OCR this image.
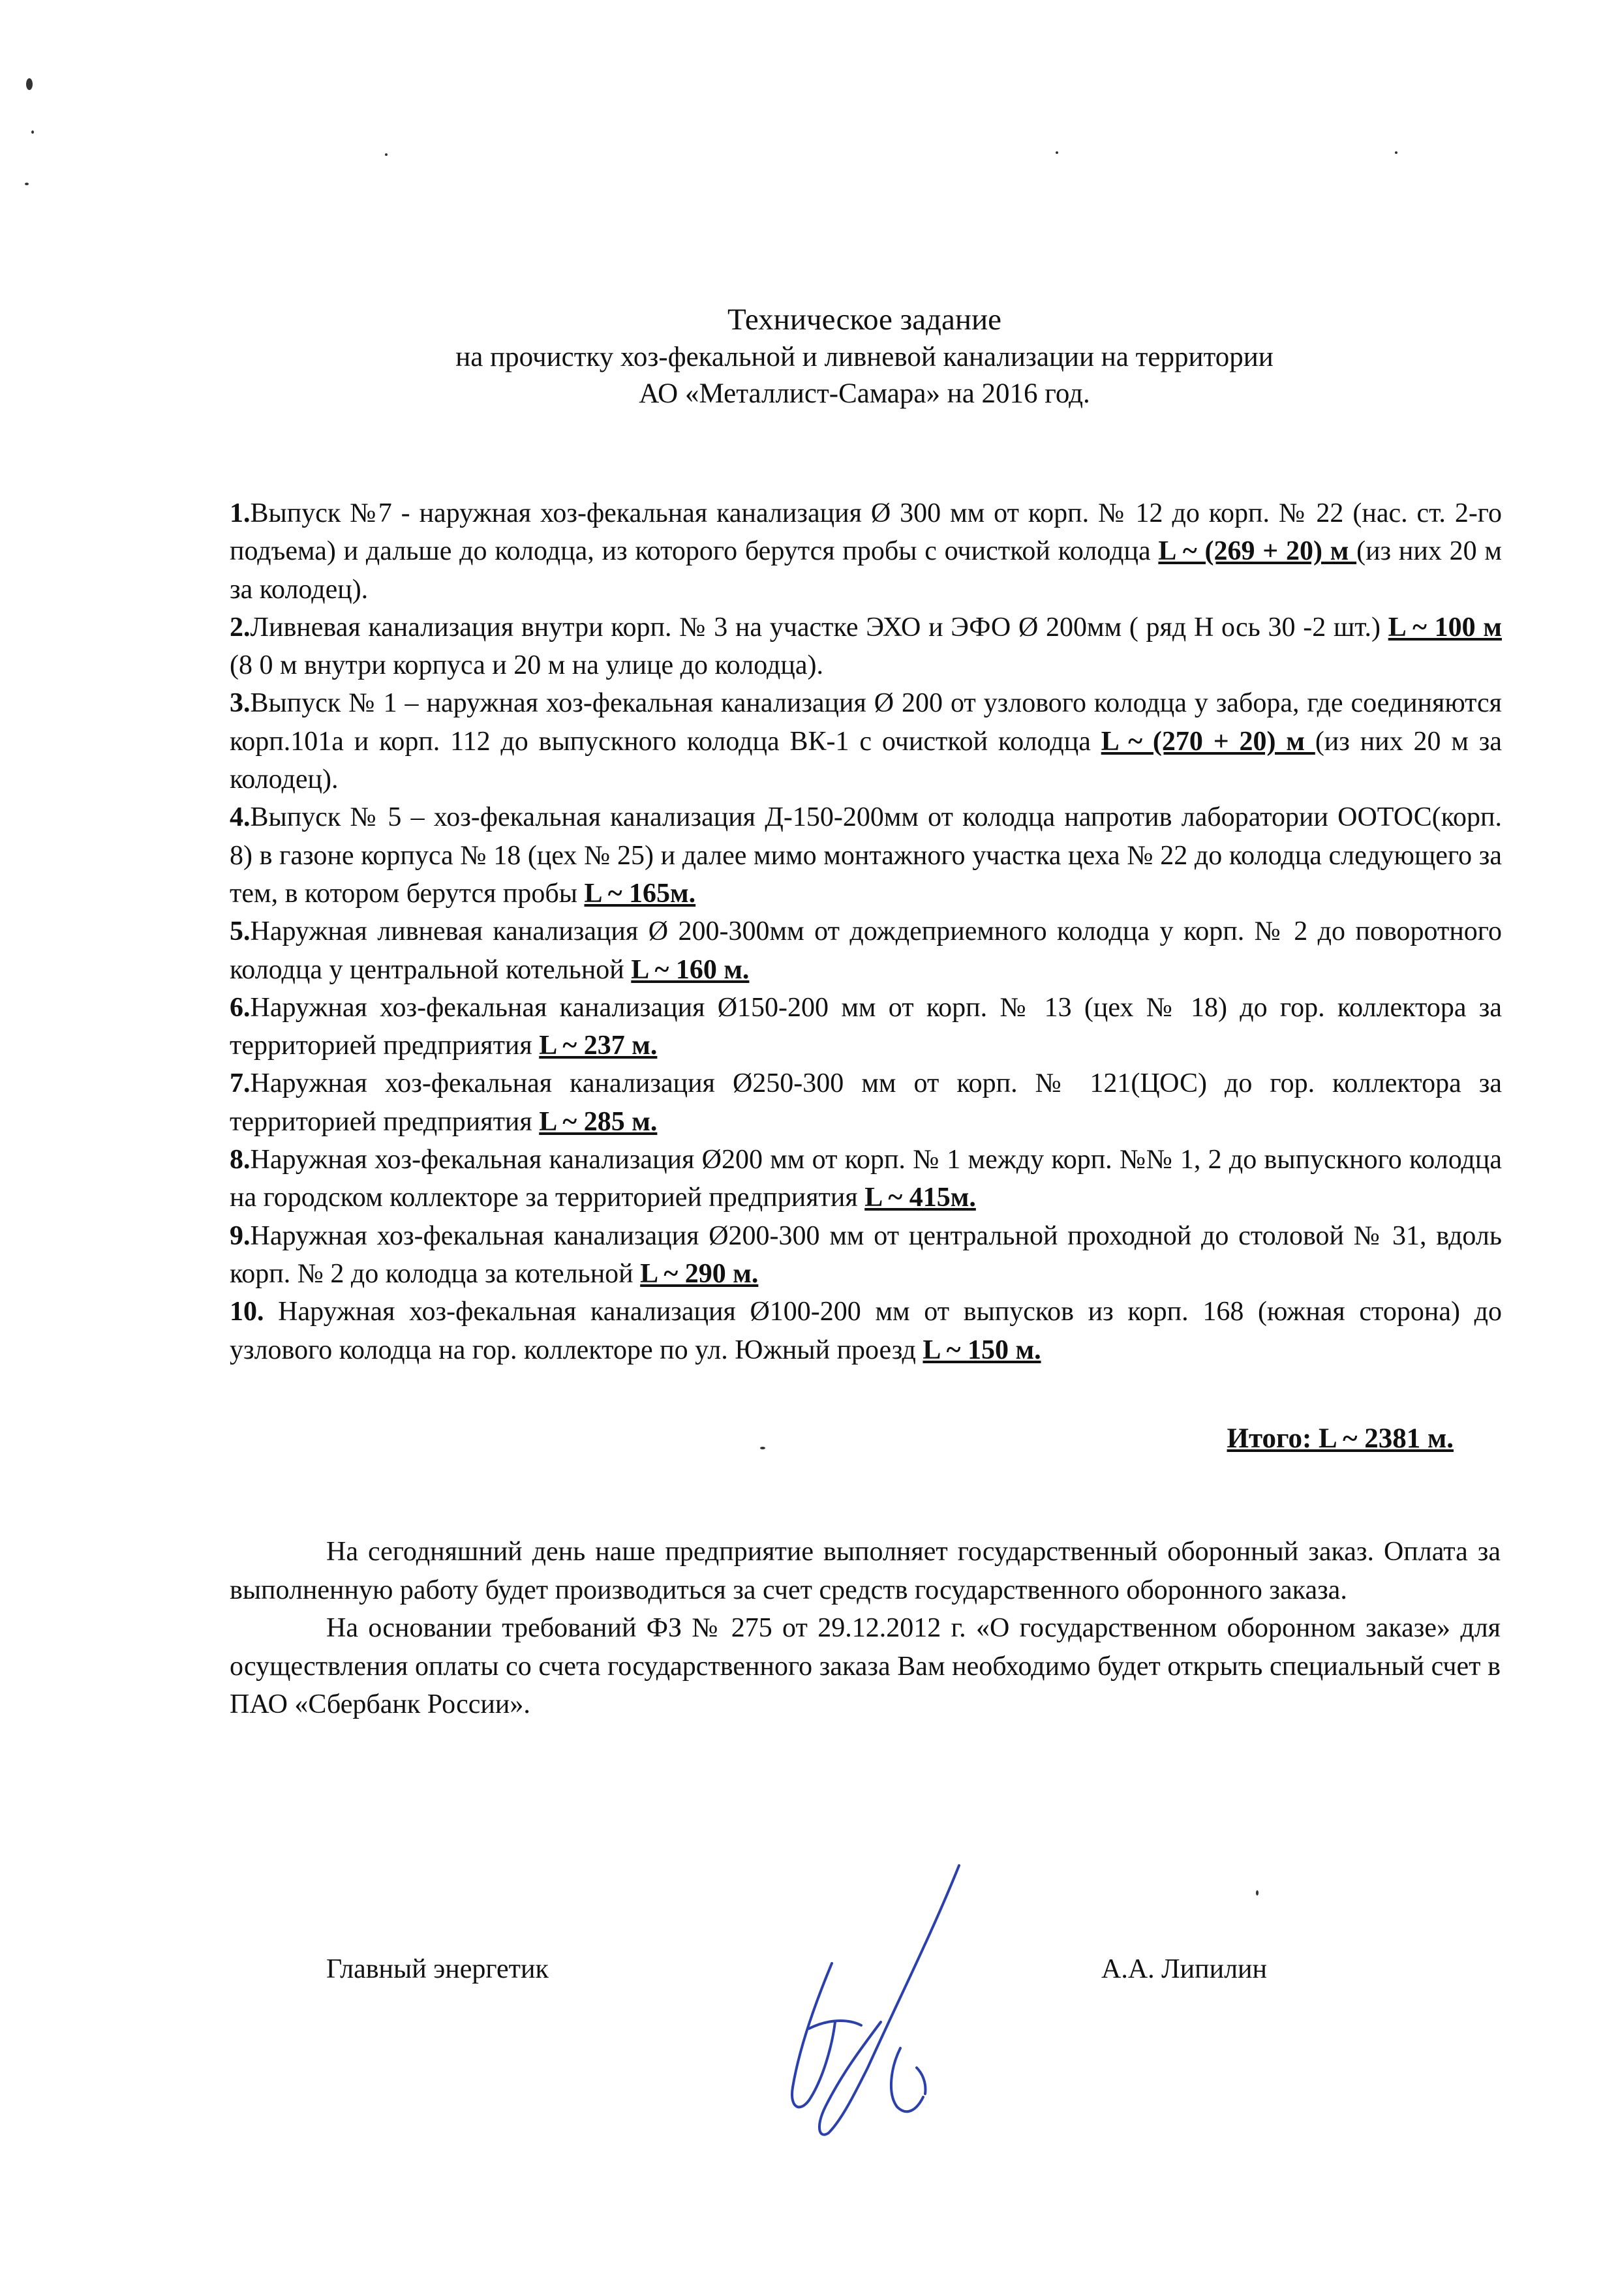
Техническое задание
на прочистку хоз-фекальной и ливневой канализации на территории
АО «Металлист-Самара» на 2016 год.

1.Выпуск №7 - наружная хоз-фекальная канализация Ø 300 мм от корп. № 12 до корп. № 22 (нас. ст. 2-го подъема) и дальше до колодца, из которого берутся пробы с очисткой колодца L ~ (269 + 20) м (из них 20 м за колодец).

2.Ливневая канализация внутри корп. № 3 на участке ЭХО и ЭФО Ø 200мм ( ряд Н ось 30 -2 шт.) L ~ 100 м (8 0 м внутри корпуса и 20 м на улице до колодца).

3.Выпуск № 1 – наружная хоз-фекальная канализация Ø 200 от узлового колодца у забора, где соединяются корп.101а и корп. 112 до выпускного колодца ВК-1 с очисткой колодца L ~ (270 + 20) м (из них 20 м за колодец).

4.Выпуск № 5 – хоз-фекальная канализация Д-150-200мм от колодца напротив лаборатории ООТОС(корп. 8) в газоне корпуса № 18 (цех № 25) и далее мимо монтажного участка цеха № 22 до колодца следующего за тем, в котором берутся пробы L ~ 165м.

5.Наружная ливневая канализация Ø 200-300мм от дождеприемного колодца у корп. № 2 до поворотного колодца у центральной котельной L ~ 160 м.

6.Наружная хоз-фекальная канализация Ø150-200 мм от корп. № 13 (цех № 18) до гор. коллектора за территорией предприятия L ~ 237 м.

7.Наружная хоз-фекальная канализация Ø250-300 мм от корп. № 121(ЦОС) до гор. коллектора за территорией предприятия L ~ 285 м.

8.Наружная хоз-фекальная канализация Ø200 мм от корп. № 1 между корп. №№ 1, 2 до выпускного колодца на городском коллекторе за территорией предприятия L ~ 415м.

9.Наружная хоз-фекальная канализация Ø200-300 мм от центральной проходной до столовой № 31, вдоль корп. № 2 до колодца за котельной L ~ 290 м.

10. Наружная хоз-фекальная канализация Ø100-200 мм от выпусков из корп. 168 (южная сторона) до узлового колодца на гор. коллекторе по ул. Южный проезд L ~ 150 м.

Итого: L ~ 2381 м.

На сегодняшний день наше предприятие выполняет государственный оборонный заказ. Оплата за выполненную работу будет производиться за счет средств государственного оборонного заказа.

На основании требований ФЗ № 275 от 29.12.2012 г. «О государственном оборонном заказе» для осуществления оплаты со счета государственного заказа Вам необходимо будет открыть специальный счет в ПАО «Сбербанк России».

Главный энергетик	А.А. Липилин
